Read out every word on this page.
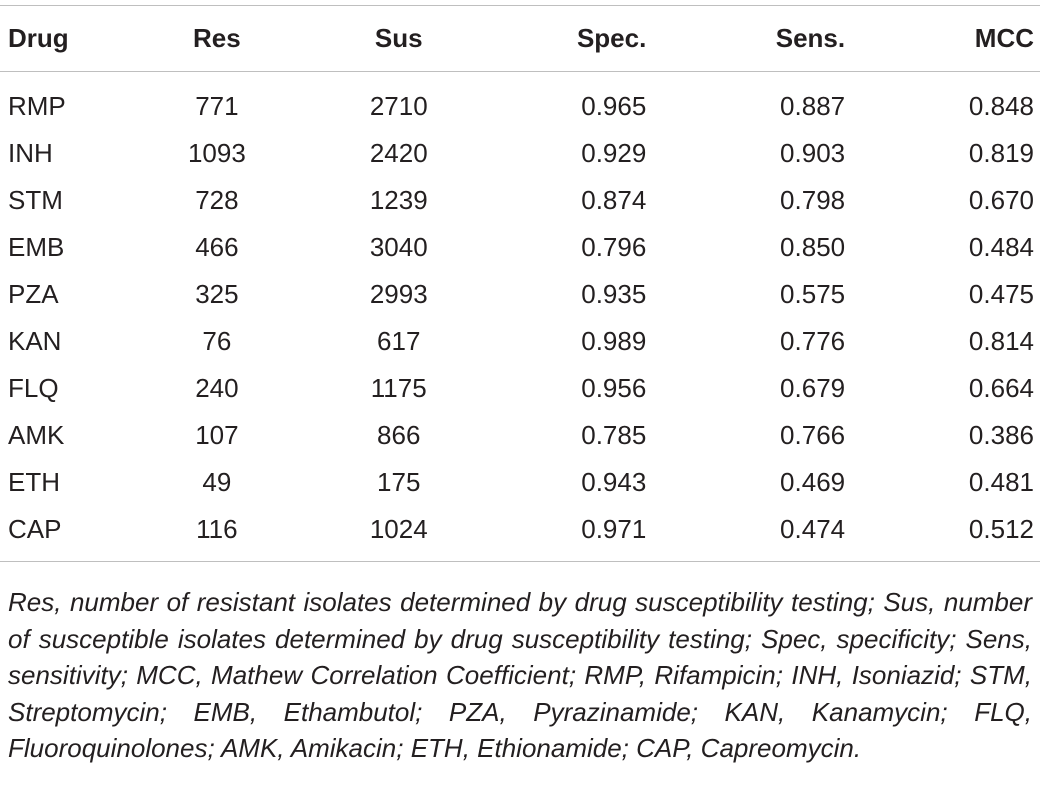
Drug	Res	Sus	Spec.	Sens.	MCC
RMP	771	2710	0.965	0.887	0.848
INH	1093	2420	0.929	0.903	0.819
STM	728	1239	0.874	0.798	0.670
EMB	466	3040	0.796	0.850	0.484
PZA	325	2993	0.935	0.575	0.475
KAN	76	617	0.989	0.776	0.814
FLQ	240	1175	0.956	0.679	0.664
AMK	107	866	0.785	0.766	0.386
ETH	49	175	0.943	0.469	0.481
CAP	116	1024	0.971	0.474	0.512
Res, number of resistant isolates determined by drug susceptibility testing; Sus, number of susceptible isolates determined by drug susceptibility testing; Spec, specificity; Sens, sensitivity; MCC, Mathew Correlation Coefficient; RMP, Rifampicin; INH, Isoniazid; STM, Streptomycin; EMB, Ethambutol; PZA, Pyrazinamide; KAN, Kanamycin; FLQ, Fluoroquinolones; AMK, Amikacin; ETH, Ethionamide; CAP, Capreomycin.
